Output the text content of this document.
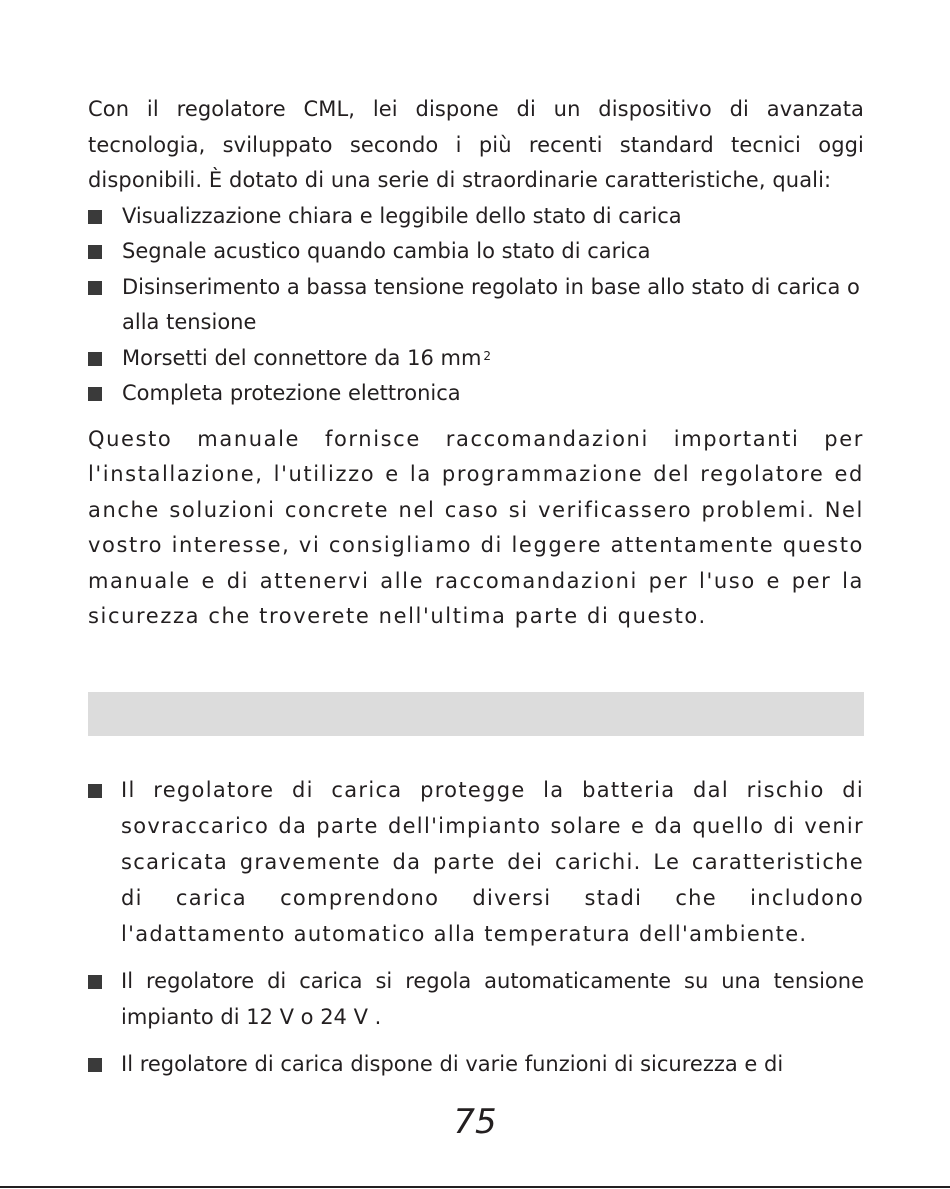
Con il regolatore CML, lei dispone di un dispositivo di avanzata tecnologia, sviluppato secondo i più recenti standard tecnici oggi disponibili. È dotato di una serie di straordinarie caratteristiche, quali:

Visualizzazione chiara e leggibile dello stato di carica
Segnale acustico quando cambia lo stato di carica
Disinserimento a bassa tensione regolato in base allo stato di carica o alla tensione
Morsetti del connettore da 16 mm $^2$
Completa protezione elettronica

Questo manuale fornisce raccomandazioni importanti per l'installazione, l'utilizzo e la programmazione del regolatore ed anche soluzioni concrete nel caso si verificassero problemi. Nel vostro interesse, vi consigliamo di leggere attentamente questo manuale e di attenervi alle raccomandazioni per l'uso e per la sicurezza che troverete nell'ultima parte di questo.

Il regolatore di carica protegge la batteria dal rischio di sovraccarico da parte dell'impianto solare e da quello di venir scaricata gravemente da parte dei carichi. Le caratteristiche di carica comprendono diversi stadi che includono l'adattamento automatico alla temperatura dell'ambiente.
Il regolatore di carica si regola automaticamente su una tensione impianto di 12 V o 24 V .
Il regolatore di carica dispone di varie funzioni di sicurezza e di
75
